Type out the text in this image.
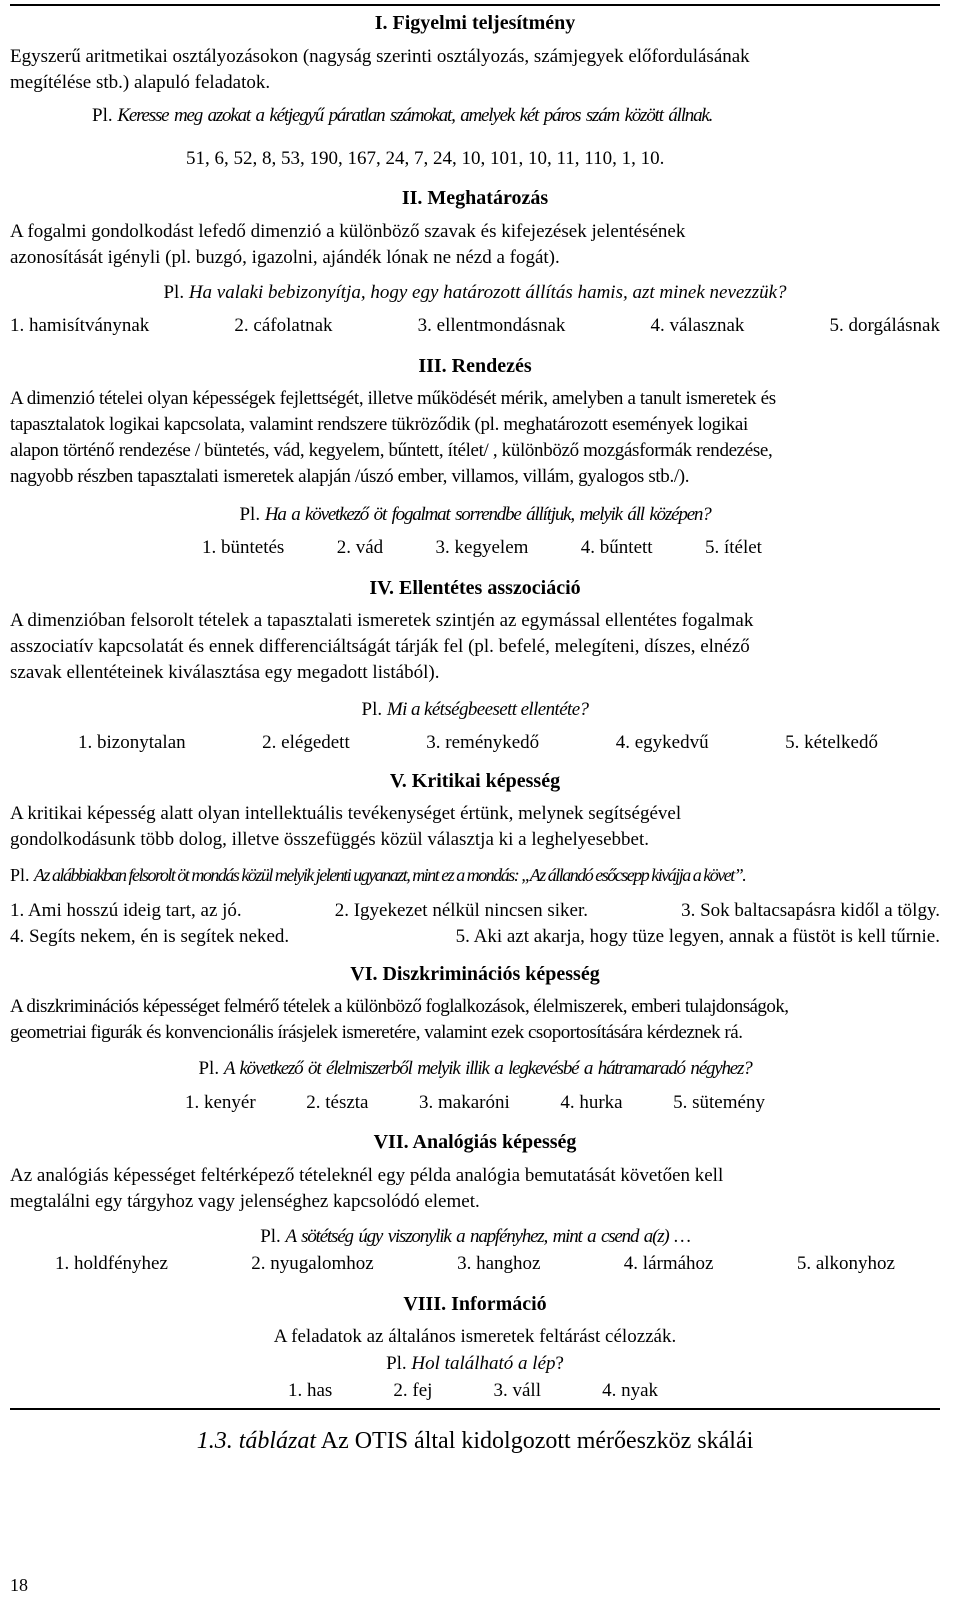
I. Figyelmi teljesítmény
Egyszerű aritmetikai osztályozásokon (nagyság szerinti osztályozás, számjegyek előfordulásának
megítélése stb.) alapuló feladatok.
Pl. Keresse meg azokat a kétjegyű páratlan számokat, amelyek két páros szám között állnak.
51, 6, 52, 8, 53, 190, 167, 24, 7, 24, 10, 101, 10, 11, 110, 1, 10.
II. Meghatározás
A fogalmi gondolkodást lefedő dimenzió a különböző szavak és kifejezések jelentésének
azonosítását igényli (pl. buzgó, igazolni, ajándék lónak ne nézd a fogát).
Pl. Ha valaki bebizonyítja, hogy egy határozott állítás hamis, azt minek nevezzük?
1. hamisítványnak	2. cáfolatnak	3. ellentmondásnak	4. válasznak	5. dorgálásnak
III. Rendezés
A dimenzió tételei olyan képességek fejlettségét, illetve működését mérik, amelyben a tanult ismeretek és
tapasztalatok logikai kapcsolata, valamint rendszere tükröződik (pl. meghatározott események logikai
alapon történő rendezése / büntetés, vád, kegyelem, bűntett, ítélet/ , különböző mozgásformák rendezése,
nagyobb részben tapasztalati ismeretek alapján /úszó ember, villamos, villám, gyalogos stb./).
Pl. Ha a következő öt fogalmat sorrendbe állítjuk, melyik áll középen?
1. büntetés	2. vád	3. kegyelem	4. bűntett	5. ítélet
IV. Ellentétes asszociáció
A dimenzióban felsorolt tételek a tapasztalati ismeretek szintjén az egymással ellentétes fogalmak
asszociatív kapcsolatát és ennek differenciáltságát tárják fel (pl. befelé, melegíteni, díszes, elnéző
szavak ellentéteinek kiválasztása egy megadott listából).
Pl. Mi a kétségbeesett ellentéte?
1. bizonytalan	2. elégedett	3. reménykedő	4. egykedvű	5. kételkedő
V. Kritikai képesség
A kritikai képesség alatt olyan intellektuális tevékenységet értünk, melynek segítségével
gondolkodásunk több dolog, illetve összefüggés közül választja ki a leghelyesebbet.
Pl. Az alábbiakban felsorolt öt mondás közül melyik jelenti ugyanazt, mint ez a mondás: „Az állandó esőcsepp kivájja a követ”.
1. Ami hosszú ideig tart, az jó.	2. Igyekezet nélkül nincsen siker.	3. Sok baltacsapásra kidől a tölgy.
4. Segíts nekem, én is segítek neked.	5. Aki azt akarja, hogy tüze legyen, annak a füstöt is kell tűrnie.
VI. Diszkriminációs képesség
A diszkriminációs képességet felmérő tételek a különböző foglalkozások, élelmiszerek, emberi tulajdonságok,
geometriai figurák és konvencionális írásjelek ismeretére, valamint ezek csoportosítására kérdeznek rá.
Pl. A következő öt élelmiszerből melyik illik a legkevésbé a hátramaradó négyhez?
1. kenyér	2. tészta	3. makaróni	4. hurka	5. sütemény
VII. Analógiás képesség
Az analógiás képességet feltérképező tételeknél egy példa analógia bemutatását követően kell
megtalálni egy tárgyhoz vagy jelenséghez kapcsolódó elemet.
Pl. A sötétség úgy viszonylik a napfényhez, mint a csend a(z) …
1. holdfényhez	2. nyugalomhoz	3. hanghoz	4. lármához	5. alkonyhoz
VIII. Információ
A feladatok az általános ismeretek feltárást célozzák.
Pl. Hol található a lép?
1. has	2. fej	3. váll	4. nyak
1.3. táblázat Az OTIS által kidolgozott mérőeszköz skálái
18
